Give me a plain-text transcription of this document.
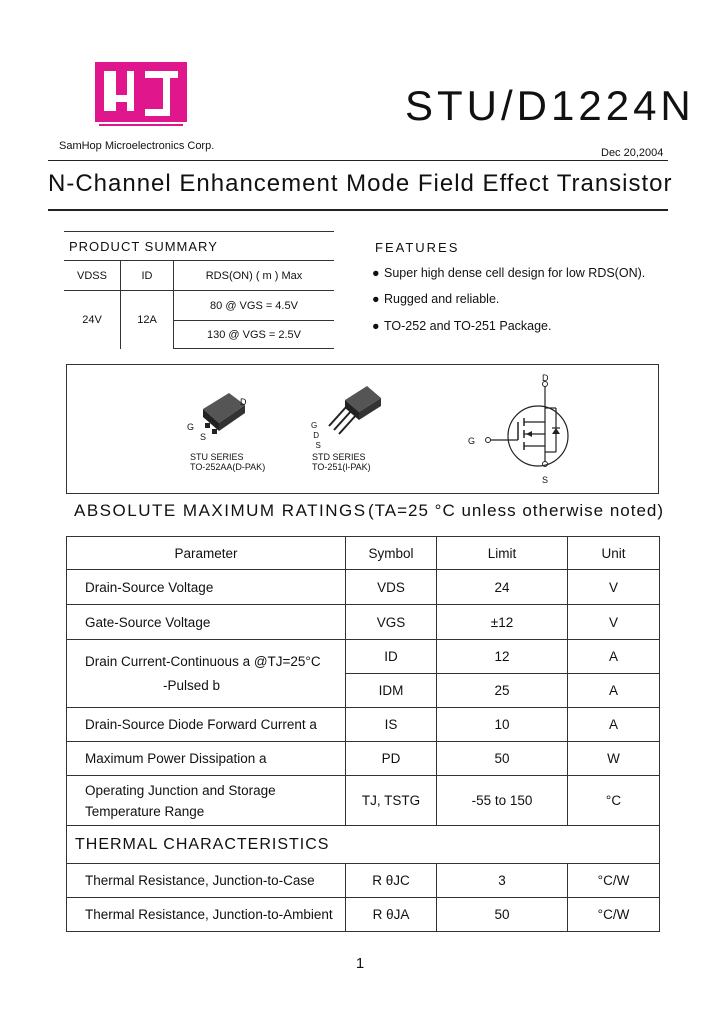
SamHop Microelectronics Corp.
STU/D1224N
Dec 20,2004
N-Channel Enhancement Mode Field Effect Transistor
PRODUCT SUMMARY		
VDSS	ID	RDS(ON) ( m ) Max
24V	12A	80 @ VGS = 4.5V
		130 @ VGS = 2.5V
FEATURES
● Super high dense cell design for low RDS(ON).
● Rugged and reliable.
● TO-252 and TO-251 Package.
D
G
S
STU SERIES
TO-252AA(D-PAK)
G
D
S
STD SERIES
TO-251(l-PAK)
D
G
S
ABSOLUTE MAXIMUM RATINGS (TA=25 °C unless otherwise noted)
Parameter	Symbol	Limit	Unit
Drain-Source Voltage	VDS	24	V
Gate-Source Voltage	VGS	±12	V

Drain Current-Continuous a @TJ=25°C
-Pulsed b	ID	12	A
	IDM	25	A
Drain-Source Diode Forward Current a	IS	10	A
Maximum Power Dissipation a	PD	50	W

Operating Junction and Storage
Temperature Range	TJ, TSTG	-55 to 150	°C
THERMAL CHARACTERISTICS			
Thermal Resistance, Junction-to-Case	R θJC	3	°C/W
Thermal Resistance, Junction-to-Ambient	R θJA	50	°C/W
1
